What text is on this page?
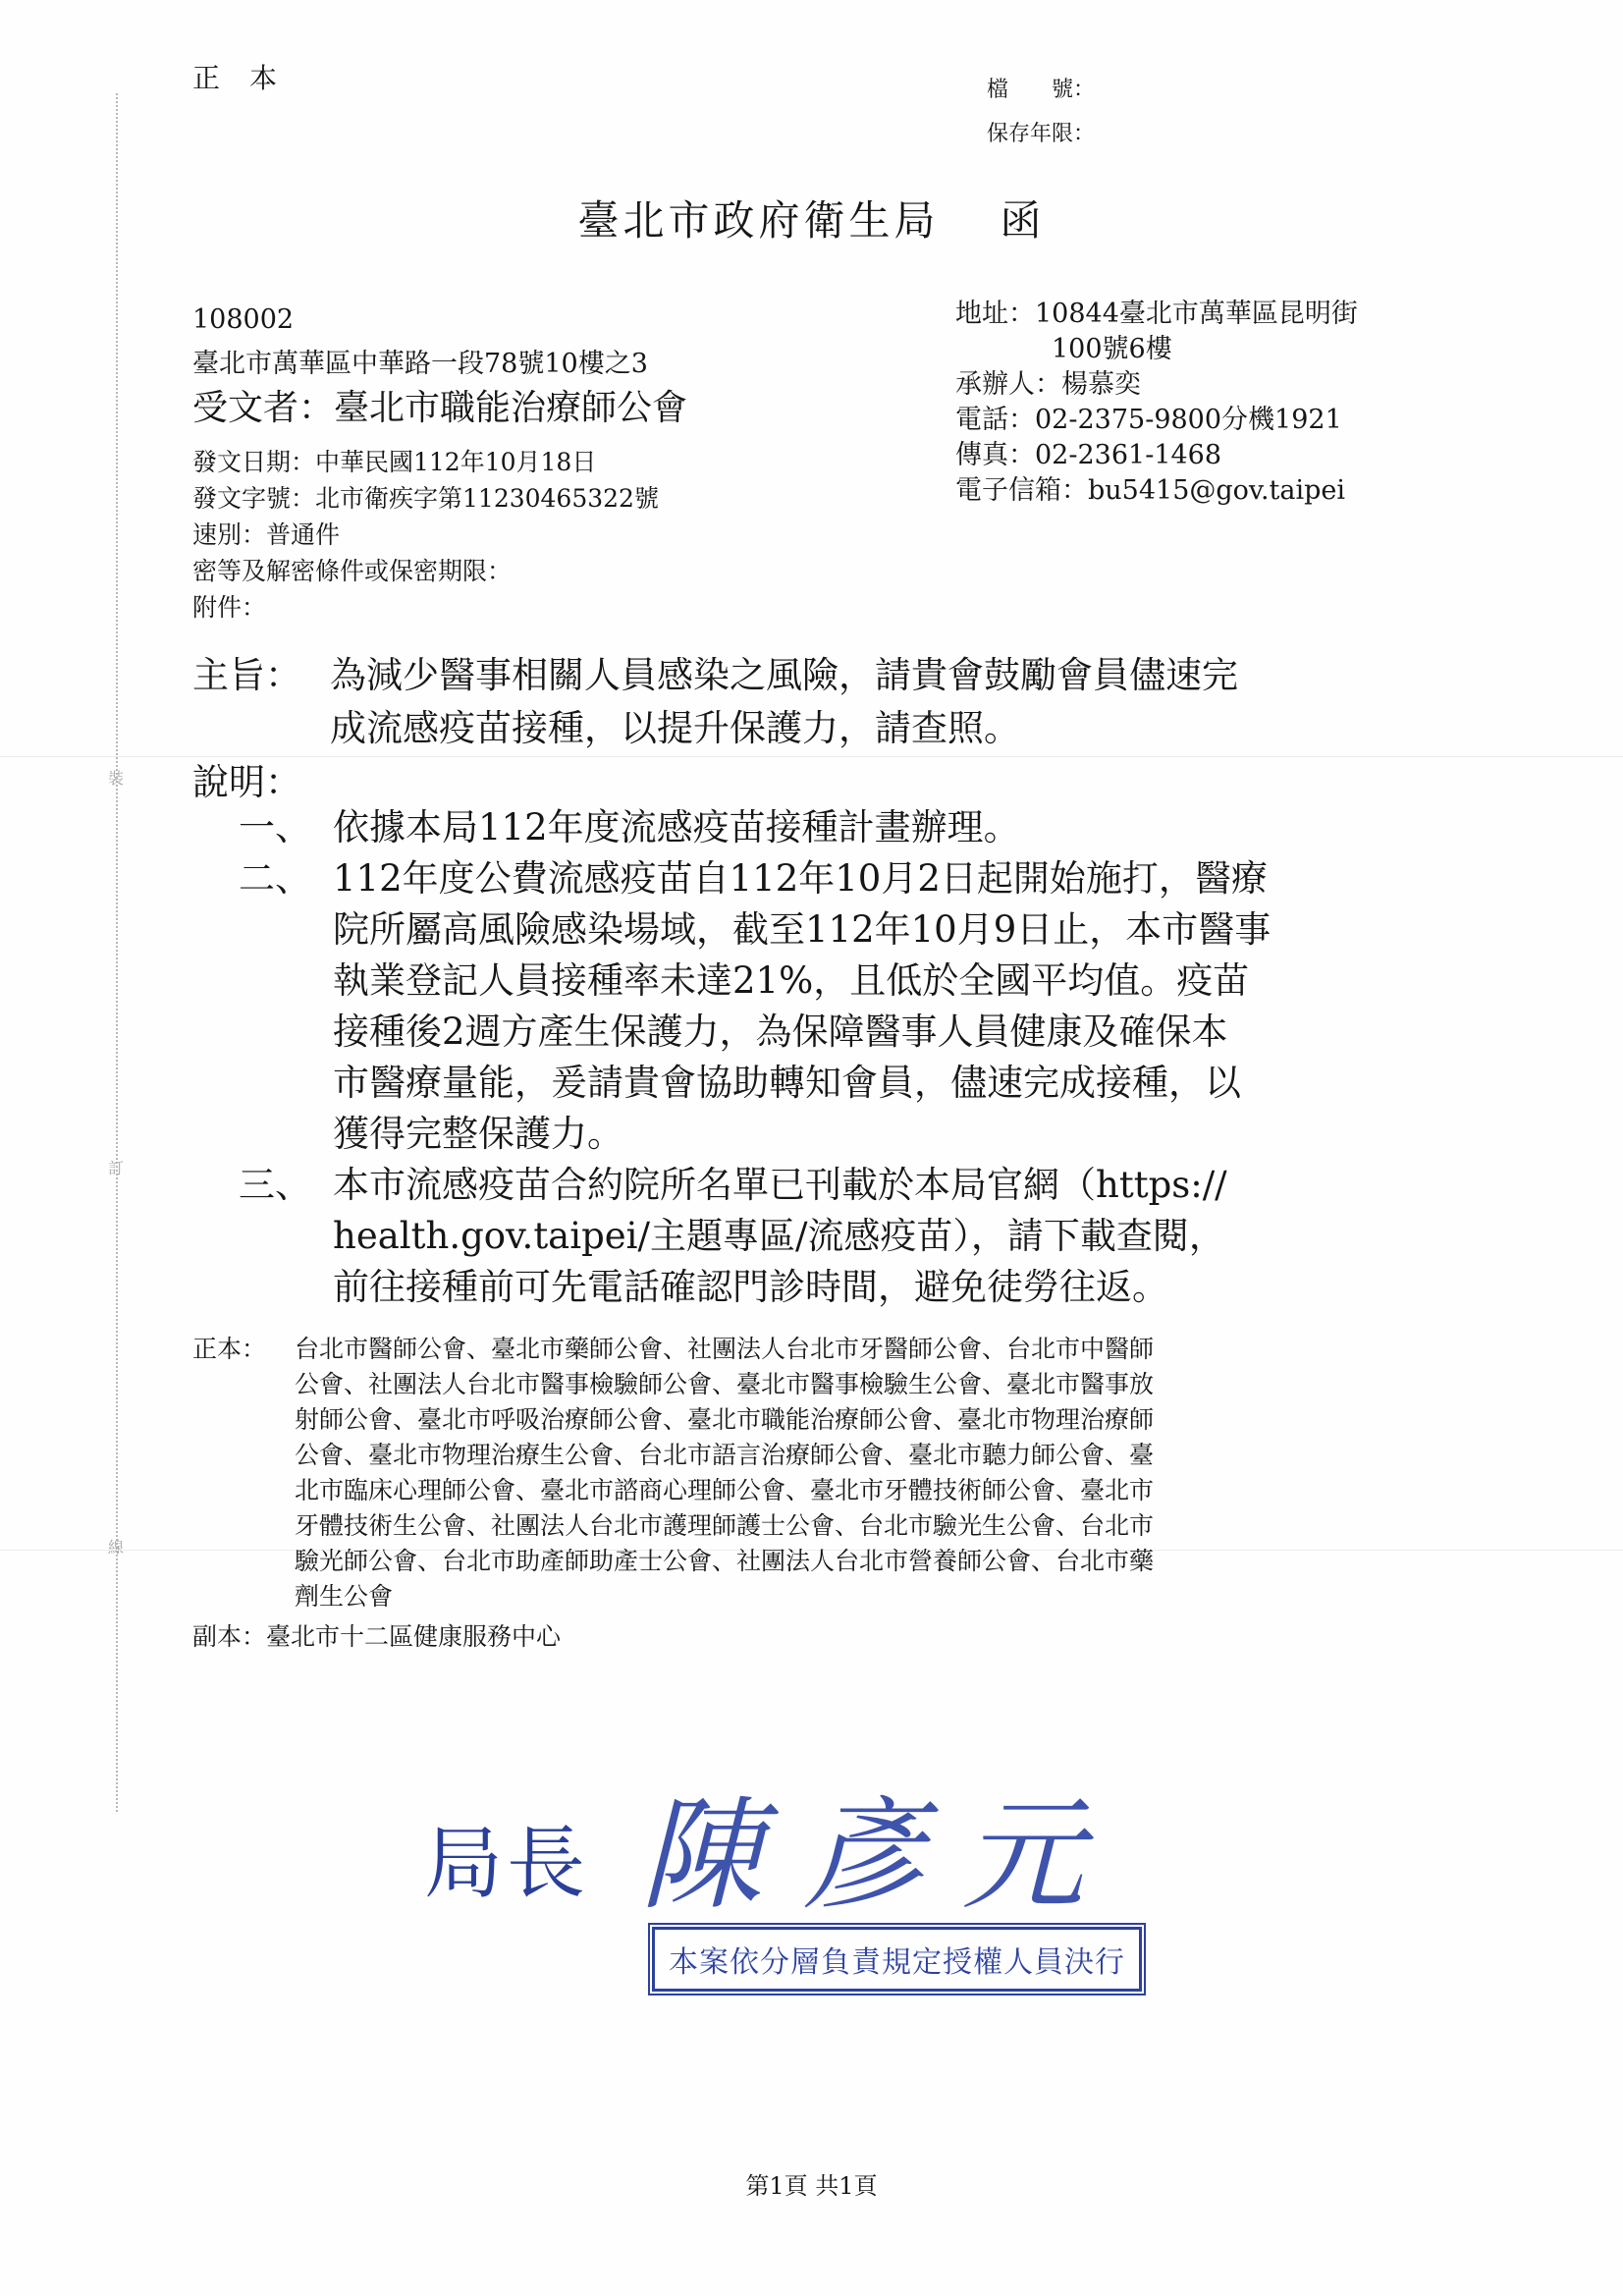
裝
訂
線
正本	檔　　號：
保存年限：
臺北市政府衛生局 函
108002
臺北市萬華區中華路一段78號10樓之3
受文者：臺北市職能治療師公會
地址：10844臺北市萬華區昆明街
100號6樓
承辦人：楊慕奕
電話：02-2375-9800分機1921
傳真：02-2361-1468
電子信箱：bu5415@gov.taipei
發文日期：中華民國112年10月18日
發文字號：北市衛疾字第11230465322號
速別：普通件
密等及解密條件或保密期限：
附件：
主旨： 為減少醫事相關人員感染之風險，請貴會鼓勵會員儘速完
成流感疫苗接種，以提升保護力，請查照。
說明：
一、 依據本局112年度流感疫苗接種計畫辦理。
二、 112年度公費流感疫苗自112年10月2日起開始施打，醫療
院所屬高風險感染場域，截至112年10月9日止，本市醫事
執業登記人員接種率未達21%，且低於全國平均值。疫苗
接種後2週方產生保護力，為保障醫事人員健康及確保本
市醫療量能，爰請貴會協助轉知會員，儘速完成接種，以
獲得完整保護力。
三、 本市流感疫苗合約院所名單已刊載於本局官網（https://
health.gov.taipei/主題專區/流感疫苗），請下載查閱，
前往接種前可先電話確認門診時間，避免徒勞往返。
正本： 台北市醫師公會、臺北市藥師公會、社團法人台北市牙醫師公會、台北市中醫師
公會、社團法人台北市醫事檢驗師公會、臺北市醫事檢驗生公會、臺北市醫事放
射師公會、臺北市呼吸治療師公會、臺北市職能治療師公會、臺北市物理治療師
公會、臺北市物理治療生公會、台北市語言治療師公會、臺北市聽力師公會、臺
北市臨床心理師公會、臺北市諮商心理師公會、臺北市牙體技術師公會、臺北市
牙體技術生公會、社團法人台北市護理師護士公會、台北市驗光生公會、台北市
驗光師公會、台北市助產師助產士公會、社團法人台北市營養師公會、台北市藥
劑生公會
副本：臺北市十二區健康服務中心
局長 陳彥元
本案依分層負責規定授權人員決行
第1頁 共1頁
